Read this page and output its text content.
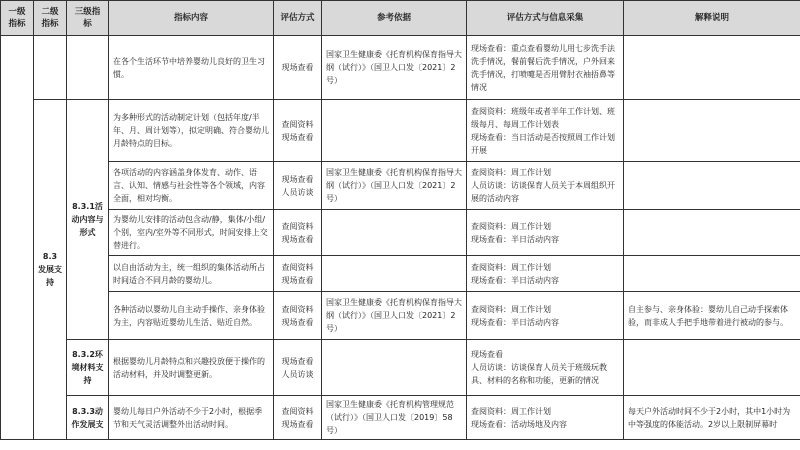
一级指标	二级指标	三级指标	指标内容	评估方式	参考依据	评估方式与信息采集	解释说明
			在各个生活环节中培养婴幼儿良好的卫生习惯。	现场查看	国家卫生健康委《托育机构保育指导大纲（试行）》（国卫人口发〔2021〕2号）	现场查看：重点查看婴幼儿用七步洗手法洗手情况，餐前餐后洗手情况，户外回来洗手情况，打喷嚏是否用臂肘衣袖捂鼻等情况	
	8.3 发展支持	8.3.1活动内容与形式	为多种形式的活动制定计划（包括年度/半年、月、周计划等），拟定明确、符合婴幼儿月龄特点的目标。	查阅资料
现场查看		查阅资料：班级年或者半年工作计划、班级每月、每周工作计划表
现场查看：当日活动是否按照周工作计划开展	
			各项活动的内容涵盖身体发育、动作、语言、认知、情感与社会性等各个领域，内容全面，相对均衡。	现场查看
人员访谈	国家卫生健康委《托育机构保育指导大纲（试行）》（国卫人口发〔2021〕2号）	查阅资料：周工作计划
人员访谈：访谈保育人员关于本周组织开展的活动内容	
			为婴幼儿安排的活动包含动/静，集体/小组/个别，室内/室外等不同形式，时间安排上交替进行。	查阅资料
现场查看		查阅资料：周工作计划
现场查看：半日活动内容	
			以自由活动为主，统一组织的集体活动所占时间适合不同月龄的婴幼儿。	查阅资料
现场查看		查阅资料：周工作计划
现场查看：半日活动内容	
			各种活动以婴幼儿自主动手操作、亲身体验为主，内容贴近婴幼儿生活、贴近自然。	查阅资料
现场查看	国家卫生健康委《托育机构保育指导大纲（试行）》（国卫人口发〔2021〕2号）	查阅资料：周工作计划
现场查看：半日活动内容	自主参与、亲身体验：婴幼儿自己动手探索体验，而非成人手把手地带着进行被动的参与。
		8.3.2环境材料支持	根据婴幼儿月龄特点和兴趣投放便于操作的活动材料，并及时调整更新。	现场查看
人员访谈		现场查看
人员访谈：访谈保育人员关于班级玩教具、材料的名称和功能，更新的情况	
		8.3.3动作发展支	婴幼儿每日户外活动不少于2小时，根据季节和天气灵活调整外出活动时间。	查阅资料
现场查看	国家卫生健康委《托育机构管理规范（试行）》（国卫人口发〔2019〕58号）	查阅资料：周工作计划
现场查看：活动场地及内容	每天户外活动时间不少于2小时，其中1小时为中等强度的体能活动。2岁以上限制屏幕时
